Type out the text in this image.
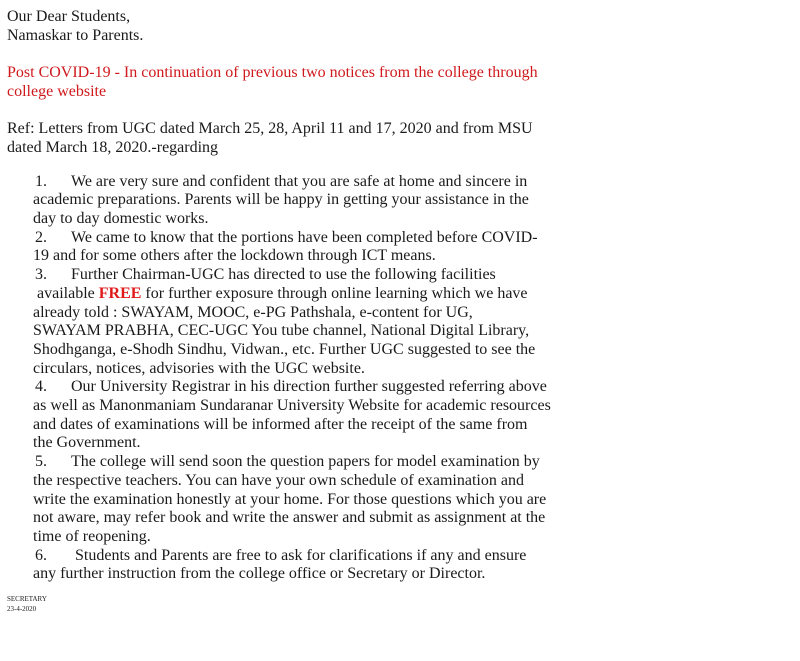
Our Dear Students,
Namaskar to Parents.
Post COVID-19 - In continuation of previous two notices from the college through
college website
Ref: Letters from UGC dated March 25, 28, April 11 and 17, 2020 and from MSU
dated March 18, 2020.-regarding
1. We are very sure and confident that you are safe at home and sincere in
academic preparations. Parents will be happy in getting your assistance in the
day to day domestic works.
2. We came to know that the portions have been completed before COVID-
19 and for some others after the lockdown through ICT means.
3. Further Chairman-UGC has directed to use the following facilities
available FREE for further exposure through online learning which we have
already told : SWAYAM, MOOC, e-PG Pathshala, e-content for UG,
SWAYAM PRABHA, CEC-UGC You tube channel, National Digital Library,
Shodhganga, e-Shodh Sindhu, Vidwan., etc. Further UGC suggested to see the
circulars, notices, advisories with the UGC website.
4. Our University Registrar in his direction further suggested referring above
as well as Manonmaniam Sundaranar University Website for academic resources
and dates of examinations will be informed after the receipt of the same from
the Government.
5. The college will send soon the question papers for model examination by
the respective teachers. You can have your own schedule of examination and
write the examination honestly at your home. For those questions which you are
not aware, may refer book and write the answer and submit as assignment at the
time of reopening.
6. Students and Parents are free to ask for clarifications if any and ensure
any further instruction from the college office or Secretary or Director.
SECRETARY
23-4-2020
